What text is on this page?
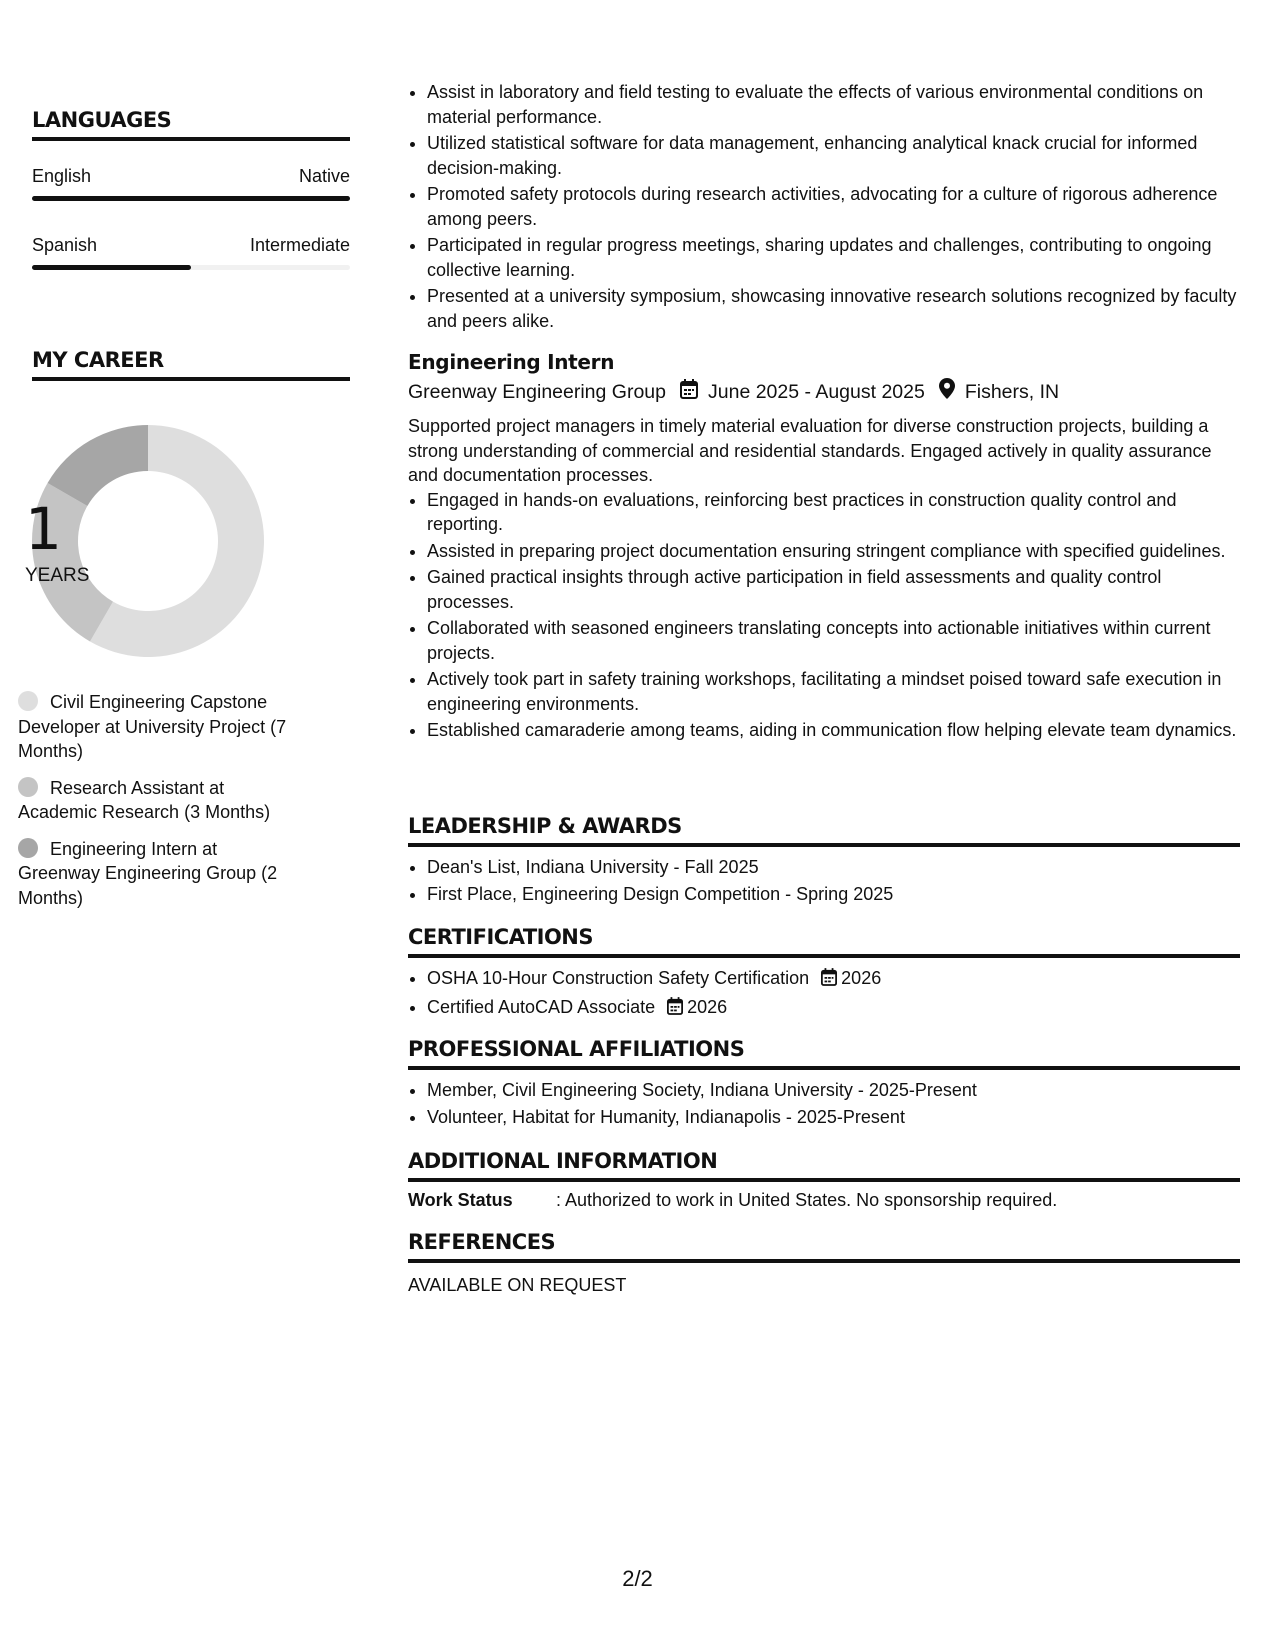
LANGUAGES
English	Native
Spanish	Intermediate
MY CAREER
1
YEARS
Civil Engineering Capstone Developer at University Project (7 Months)
Research Assistant at Academic Research (3 Months)
Engineering Intern at Greenway Engineering Group (2 Months)
• Assist in laboratory and field testing to evaluate the effects of various environmental conditions on material performance.
• Utilized statistical software for data management, enhancing analytical knack crucial for informed decision-making.
• Promoted safety protocols during research activities, advocating for a culture of rigorous adherence among peers.
• Participated in regular progress meetings, sharing updates and challenges, contributing to ongoing collective learning.
• Presented at a university symposium, showcasing innovative research solutions recognized by faculty and peers alike.
Engineering Intern
Greenway Engineering Group June 2025 - August 2025 Fishers, IN

Supported project managers in timely material evaluation for diverse construction projects, building a strong understanding of commercial and residential standards. Engaged actively in quality assurance and documentation processes.

• Engaged in hands-on evaluations, reinforcing best practices in construction quality control and reporting.
• Assisted in preparing project documentation ensuring stringent compliance with specified guidelines.
• Gained practical insights through active participation in field assessments and quality control processes.
• Collaborated with seasoned engineers translating concepts into actionable initiatives within current projects.
• Actively took part in safety training workshops, facilitating a mindset poised toward safe execution in engineering environments.
• Established camaraderie among teams, aiding in communication flow helping elevate team dynamics.
LEADERSHIP & AWARDS
• Dean's List, Indiana University - Fall 2025
• First Place, Engineering Design Competition - Spring 2025
CERTIFICATIONS
• OSHA 10-Hour Construction Safety Certification 2026
• Certified AutoCAD Associate 2026
PROFESSIONAL AFFILIATIONS
• Member, Civil Engineering Society, Indiana University - 2025-Present
• Volunteer, Habitat for Humanity, Indianapolis - 2025-Present
ADDITIONAL INFORMATION
Work Status	: Authorized to work in United States. No sponsorship required.
REFERENCES

AVAILABLE ON REQUEST

2/2
